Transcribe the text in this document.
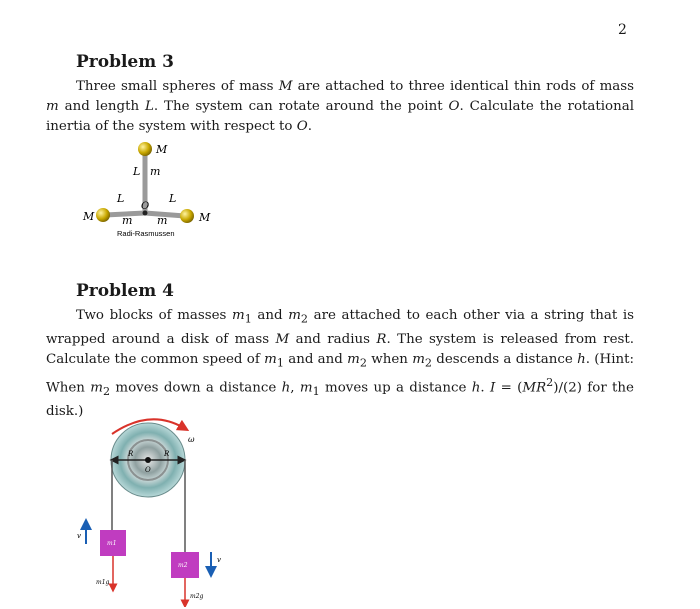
2
Problem 3
Three small spheres of mass M are attached to three identical thin rods of mass m and length L. The system can rotate around the point O. Calculate the rotational inertia of the system with respect to O.
M
M	M
L m
L	L
O
m m
Radi-Rasmussen
Problem 4
Two blocks of masses $m_1$ and $m_2$ are attached to each other via a string that is wrapped around a disk of mass M and radius R. The system is released from rest. Calculate the common speed of $m_1$ and and $m_2$ when $m_2$ descends a distance h. (Hint: When $m_2$ moves down a distance h, $m_1$ moves up a distance h. $I = (MR^2)/(2)$ for the disk.)
ω
R	R
O
m1
m2
v
v
m1g
m2g
